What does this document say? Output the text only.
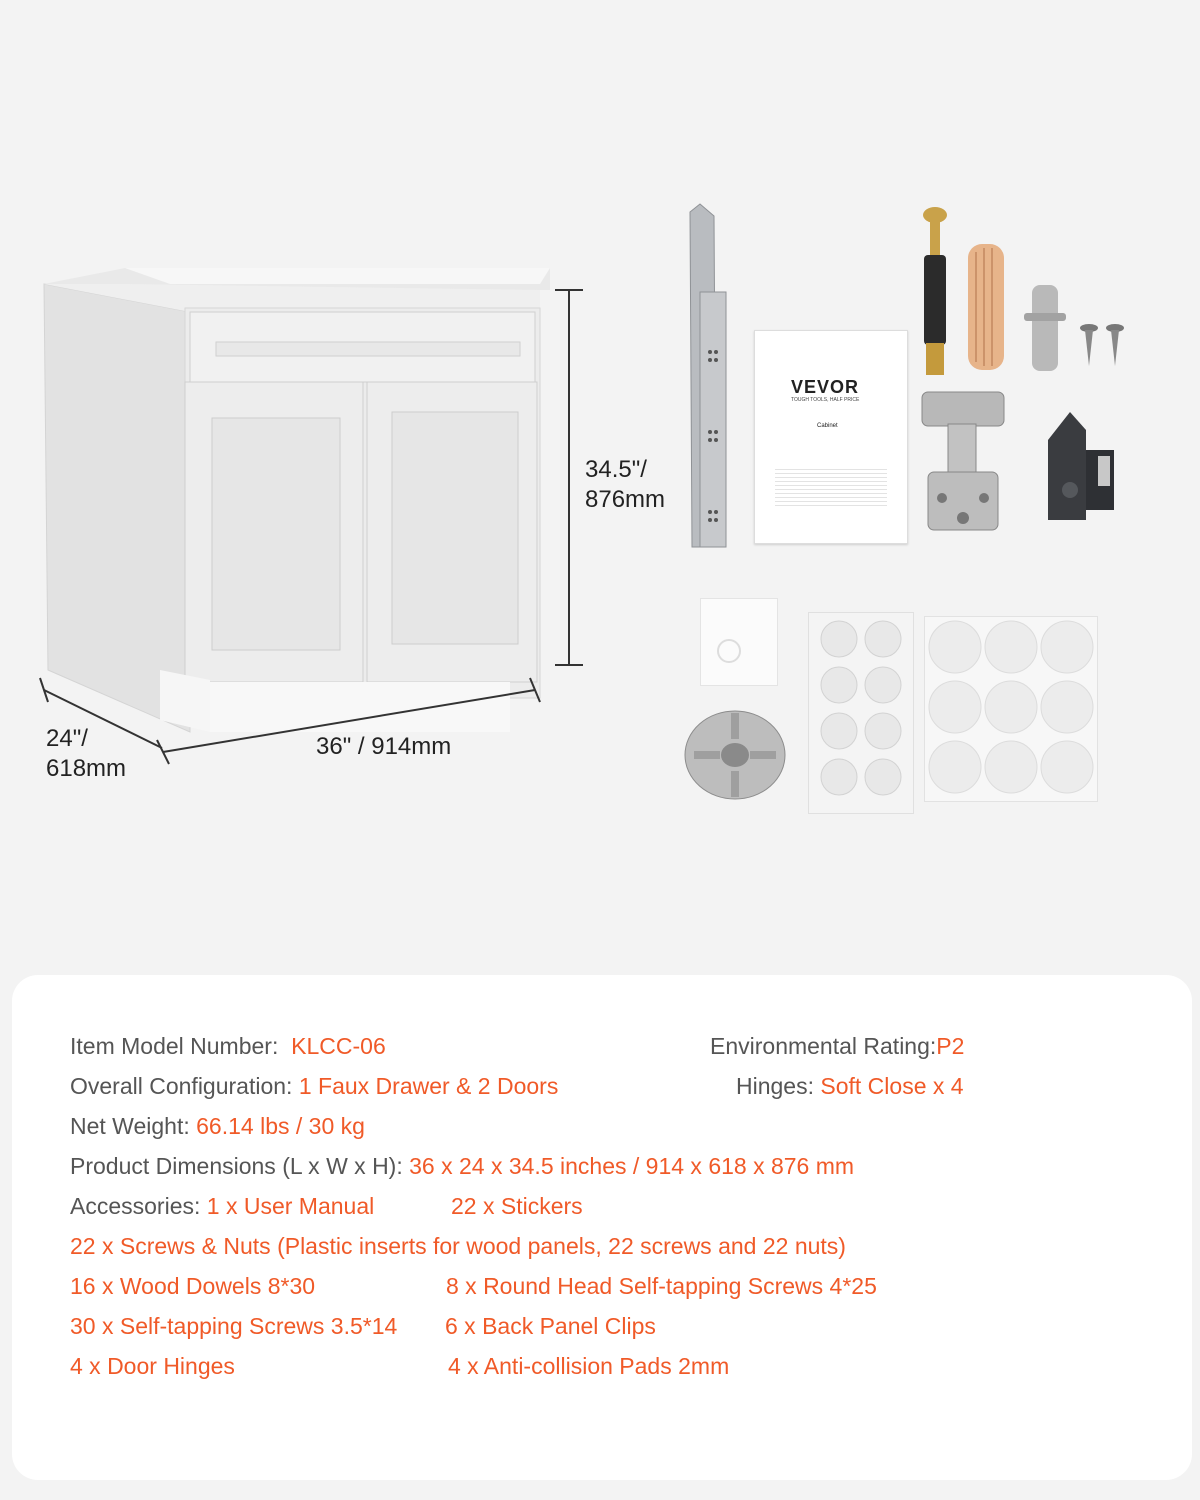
34.5"/
876mm
24"/
618mm
36" / 914mm
VEVOR
TOUGH TOOLS, HALF PRICE
Cabinet
Item Model Number: KLCC-06	Environmental Rating:P2
Overall Configuration: 1 Faux Drawer & 2 Doors	Hinges: Soft Close x 4
Net Weight: 66.14 lbs / 30 kg
Product Dimensions (L x W x H): 36 x 24 x 34.5 inches / 914 x 618 x 876 mm
Accessories: 1 x User Manual	22 x Stickers
22 x Screws & Nuts (Plastic inserts for wood panels, 22 screws and 22 nuts)
16 x Wood Dowels 8*30	8 x Round Head Self-tapping Screws 4*25
30 x Self-tapping Screws 3.5*14 6 x Back Panel Clips
4 x Door Hinges	4 x Anti-collision Pads 2mm
